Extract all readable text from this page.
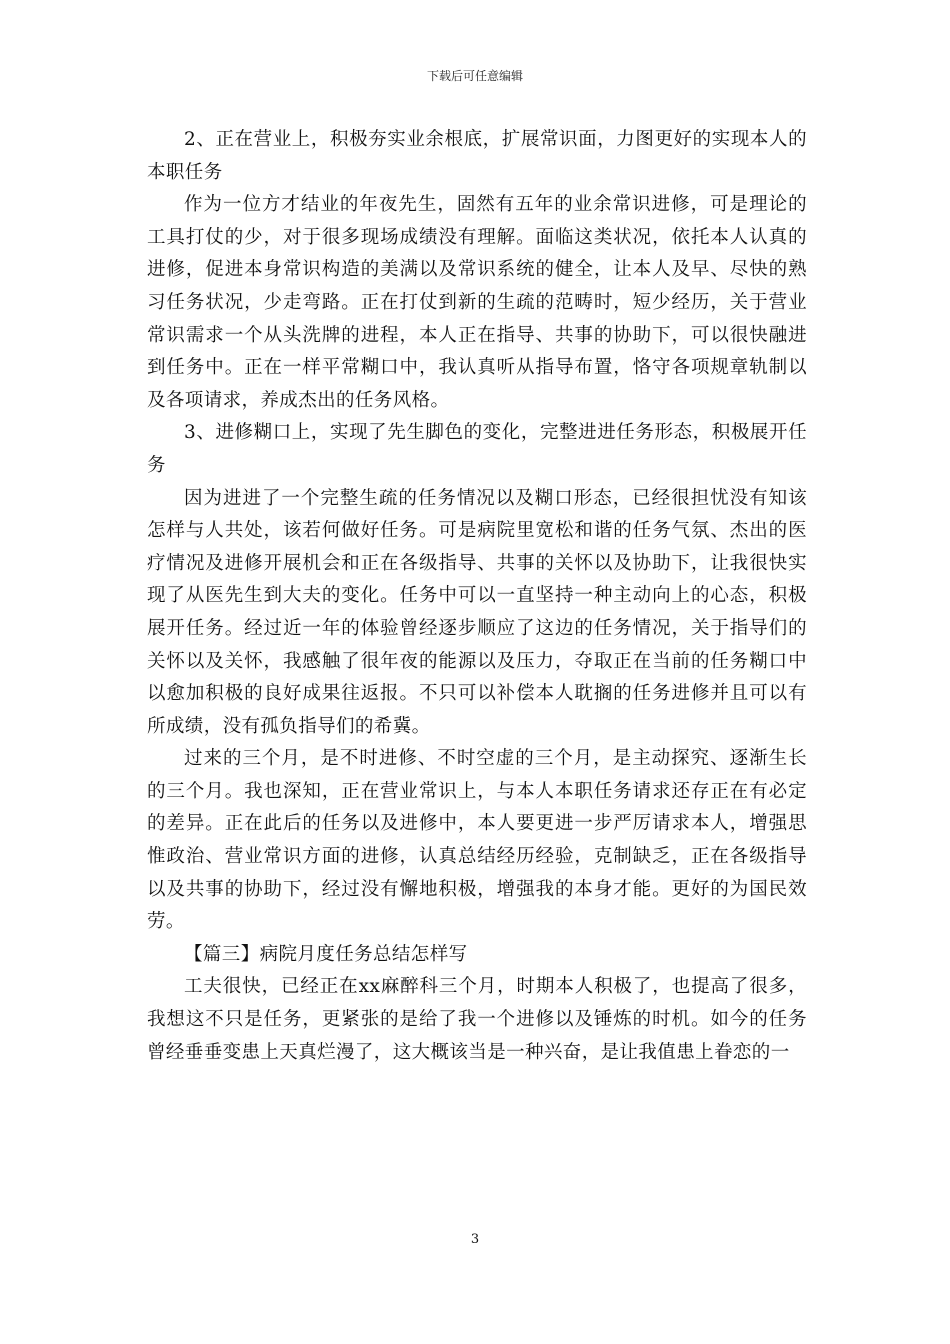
下载后可任意编辑

2、正在营业上，积极夯实业余根底，扩展常识面，力图更好的实现本人的本职任务

作为一位方才结业的年夜先生，固然有五年的业余常识进修，可是理论的工具打仗的少，对于很多现场成绩没有理解。面临这类状况，依托本人认真的进修，促进本身常识构造的美满以及常识系统的健全，让本人及早、尽快的熟习任务状况，少走弯路。正在打仗到新的生疏的范畴时，短少经历，关于营业常识需求一个从头洗牌的进程，本人正在指导、共事的协助下，可以很快融进到任务中。正在一样平常糊口中，我认真听从指导布置，恪守各项规章轨制以及各项请求，养成杰出的任务风格。

3、进修糊口上，实现了先生脚色的变化，完整进进任务形态，积极展开任务

因为进进了一个完整生疏的任务情况以及糊口形态，已经很担忧没有知该怎样与人共处，该若何做好任务。可是病院里宽松和谐的任务气氛、杰出的医疗情况及进修开展机会和正在各级指导、共事的关怀以及协助下，让我很快实现了从医先生到大夫的变化。任务中可以一直坚持一种主动向上的心态，积极展开任务。经过近一年的体验曾经逐步顺应了这边的任务情况，关于指导们的关怀以及关怀，我感触了很年夜的能源以及压力，夺取正在当前的任务糊口中以愈加积极的良好成果往返报。不只可以补偿本人耽搁的任务进修并且可以有所成绩，没有孤负指导们的希冀。

过来的三个月，是不时进修、不时空虚的三个月，是主动探究、逐渐生长的三个月。我也深知，正在营业常识上，与本人本职任务请求还存正在有必定的差异。正在此后的任务以及进修中，本人要更进一步严厉请求本人，增强思惟政治、营业常识方面的进修，认真总结经历经验，克制缺乏，正在各级指导以及共事的协助下，经过没有懈地积极，增强我的本身才能。更好的为国民效劳。

【篇三】病院月度任务总结怎样写

工夫很快，已经正在xx麻醉科三个月，时期本人积极了，也提高了很多，我想这不只是任务，更紧张的是给了我一个进修以及锤炼的时机。如今的任务曾经垂垂变患上天真烂漫了，这大概该当是一种兴奋，是让我值患上眷恋的一

3
